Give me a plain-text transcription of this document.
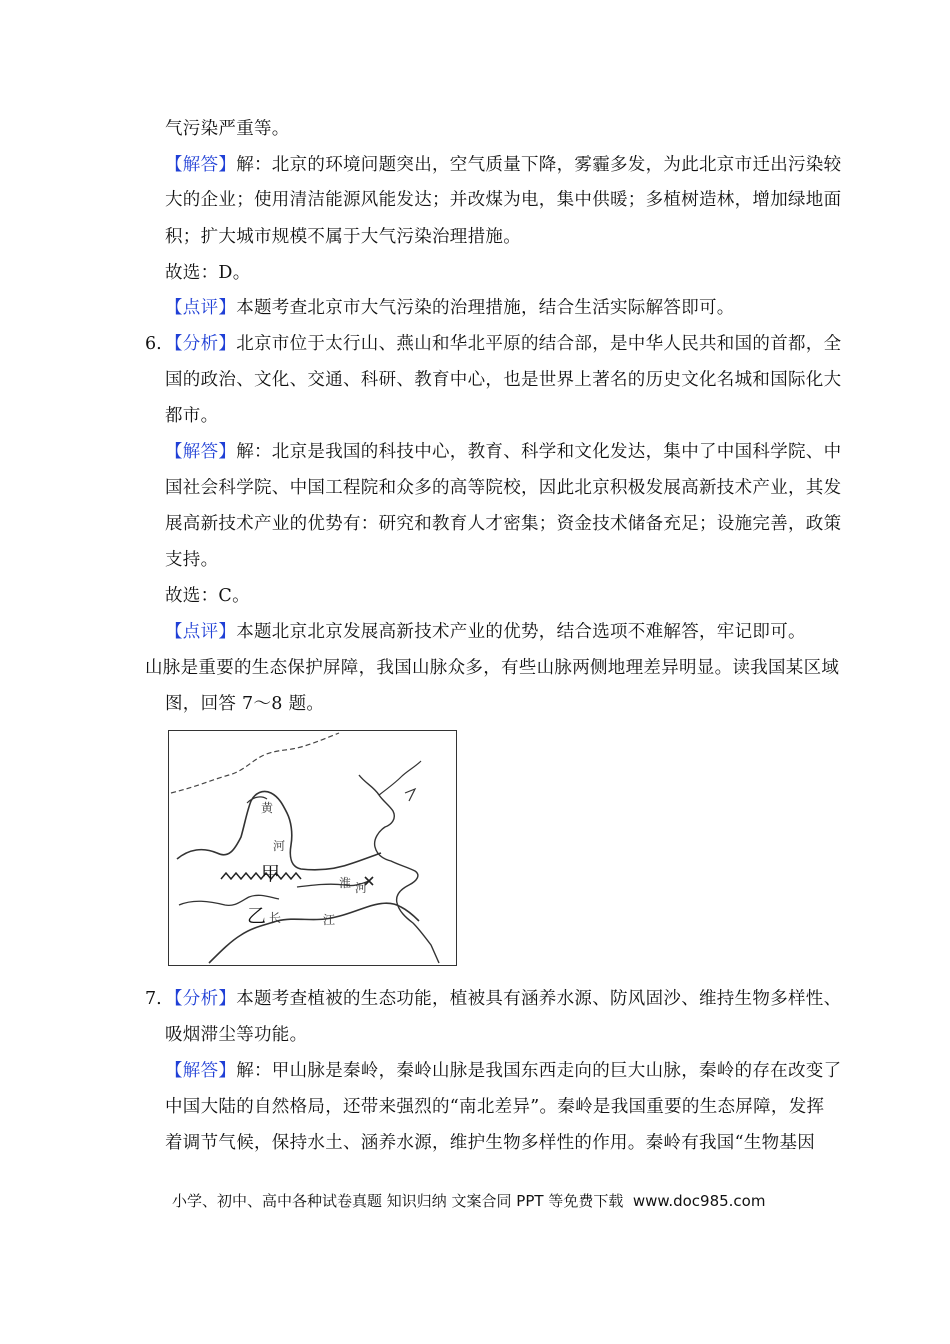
气污染严重等。
【解答】解：北京的环境问题突出，空气质量下降，雾霾多发，为此北京市迁出污染较
大的企业；使用清洁能源风能发达；并改煤为电，集中供暖；多植树造林，增加绿地面
积；扩大城市规模不属于大气污染治理措施。
故选：D。
【点评】本题考查北京市大气污染的治理措施，结合生活实际解答即可。
6. 【分析】北京市位于太行山、燕山和华北平原的结合部，是中华人民共和国的首都，全
国的政治、文化、交通、科研、教育中心，也是世界上著名的历史文化名城和国际化大
都市。
【解答】解：北京是我国的科技中心，教育、科学和文化发达，集中了中国科学院、中
国社会科学院、中国工程院和众多的高等院校，因此北京积极发展高新技术产业，其发
展高新技术产业的优势有：研究和教育人才密集；资金技术储备充足；设施完善，政策
支持。
故选：C。
【点评】本题北京北京发展高新技术产业的优势，结合选项不难解答，牢记即可。
山脉是重要的生态保护屏障，我国山脉众多，有些山脉两侧地理差异明显。读我国某区域
图，回答 7～8 题。
黄
河
甲	淮 河
乙 长	江
7. 【分析】本题考查植被的生态功能，植被具有涵养水源、防风固沙、维持生物多样性、
吸烟滞尘等功能。
【解答】解：甲山脉是秦岭，秦岭山脉是我国东西走向的巨大山脉，秦岭的存在改变了
中国大陆的自然格局，还带来强烈的“南北差异”。秦岭是我国重要的生态屏障，发挥
着调节气候，保持水土、涵养水源，维护生物多样性的作用。秦岭有我国“生物基因
小学、初中、高中各种试卷真题 知识归纳 文案合同 PPT 等免费下载 www.doc985.com
